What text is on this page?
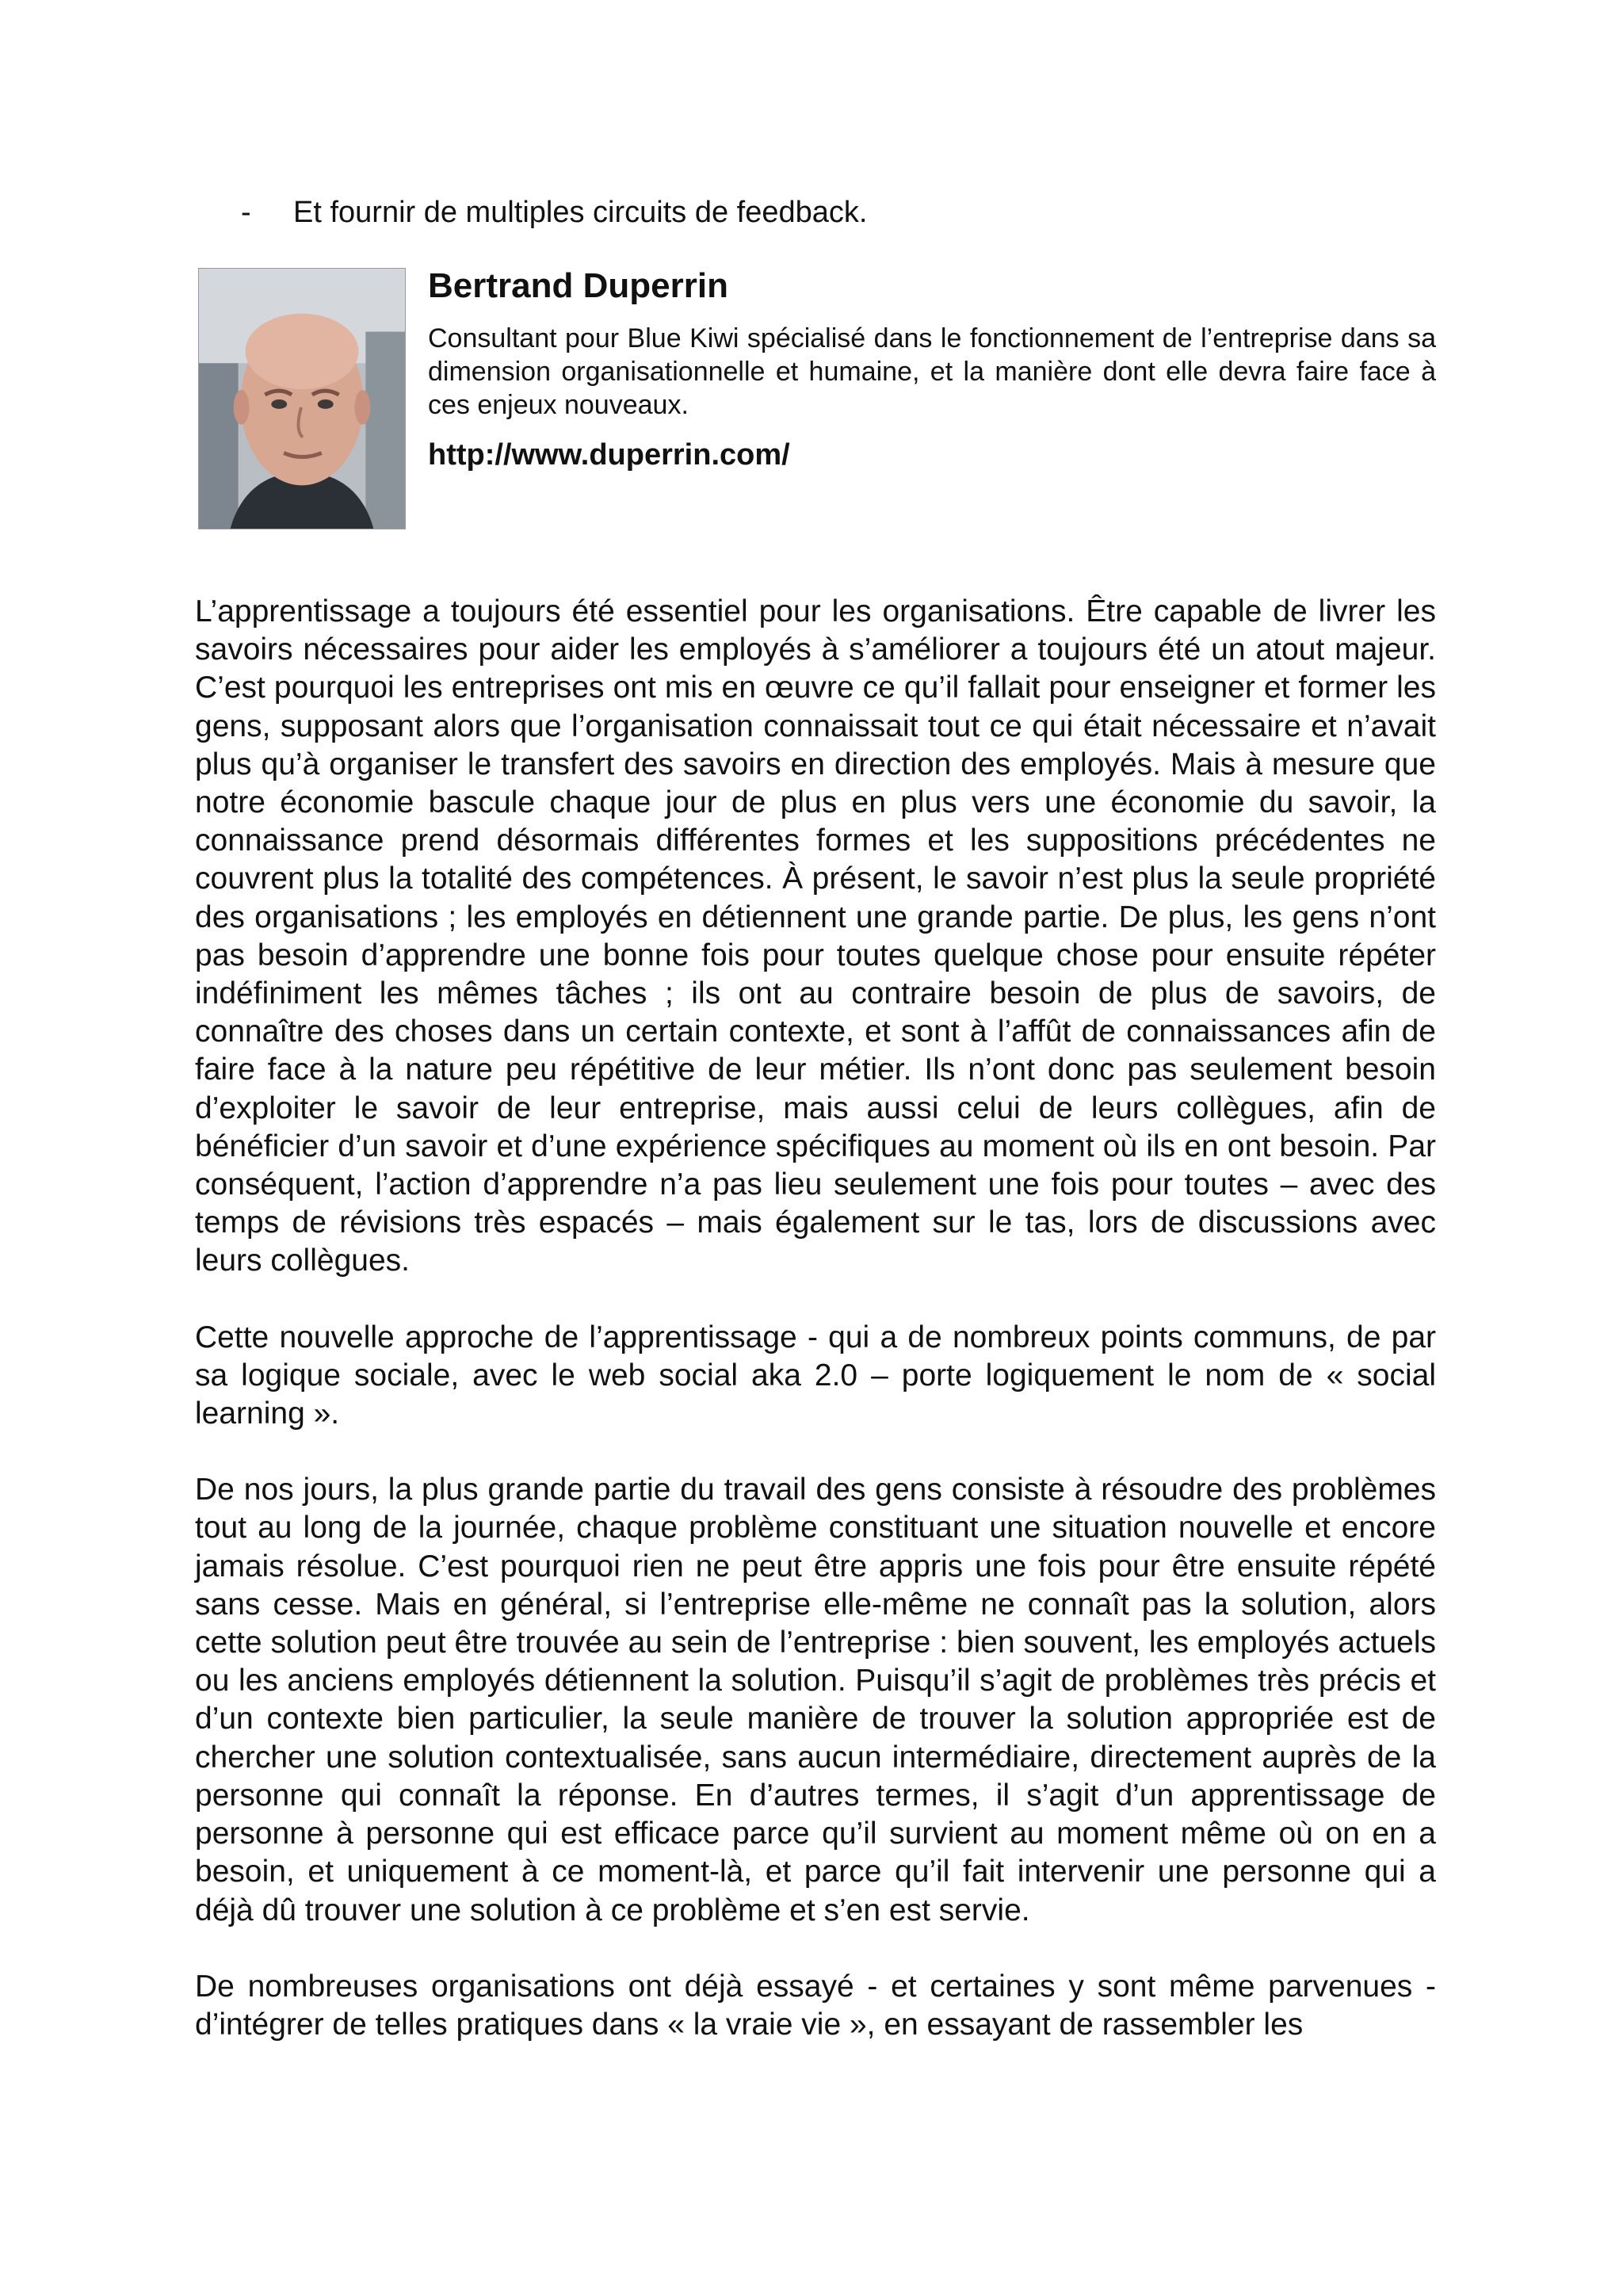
- Et fournir de multiples circuits de feedback.
Bertrand Duperrin
Consultant pour Blue Kiwi spécialisé dans le fonctionnement de l’entreprise dans sa dimension organisationnelle et humaine, et la manière dont elle devra faire face à ces enjeux nouveaux.
http://www.duperrin.com/

L’apprentissage a toujours été essentiel pour les organisations. Être capable de livrer les savoirs nécessaires pour aider les employés à s’améliorer a toujours été un atout majeur. C’est pourquoi les entreprises ont mis en œuvre ce qu’il fallait pour enseigner et former les gens, supposant alors que l’organisation connaissait tout ce qui était nécessaire et n’avait plus qu’à organiser le transfert des savoirs en direction des employés. Mais à mesure que notre économie bascule chaque jour de plus en plus vers une économie du savoir, la connaissance prend désormais différentes formes et les suppositions précédentes ne couvrent plus la totalité des compétences. À présent, le savoir n’est plus la seule propriété des organisations ; les employés en détiennent une grande partie. De plus, les gens n’ont pas besoin d’apprendre une bonne fois pour toutes quelque chose pour ensuite répéter indéfiniment les mêmes tâches ; ils ont au contraire besoin de plus de savoirs, de connaître des choses dans un certain contexte, et sont à l’affût de connaissances afin de faire face à la nature peu répétitive de leur métier. Ils n’ont donc pas seulement besoin d’exploiter le savoir de leur entreprise, mais aussi celui de leurs collègues, afin de bénéficier d’un savoir et d’une expérience spécifiques au moment où ils en ont besoin. Par conséquent, l’action d’apprendre n’a pas lieu seulement une fois pour toutes – avec des temps de révisions très espacés – mais également sur le tas, lors de discussions avec leurs collègues.

Cette nouvelle approche de l’apprentissage - qui a de nombreux points communs, de par sa logique sociale, avec le web social aka 2.0 – porte logiquement le nom de « social learning ».

De nos jours, la plus grande partie du travail des gens consiste à résoudre des problèmes tout au long de la journée, chaque problème constituant une situation nouvelle et encore jamais résolue. C’est pourquoi rien ne peut être appris une fois pour être ensuite répété sans cesse. Mais en général, si l’entreprise elle-même ne connaît pas la solution, alors cette solution peut être trouvée au sein de l’entreprise : bien souvent, les employés actuels ou les anciens employés détiennent la solution. Puisqu’il s’agit de problèmes très précis et d’un contexte bien particulier, la seule manière de trouver la solution appropriée est de chercher une solution contextualisée, sans aucun intermédiaire, directement auprès de la personne qui connaît la réponse. En d’autres termes, il s’agit d’un apprentissage de personne à personne qui est efficace parce qu’il survient au moment même où on en a besoin, et uniquement à ce moment-là, et parce qu’il fait intervenir une personne qui a déjà dû trouver une solution à ce problème et s’en est servie.

De nombreuses organisations ont déjà essayé - et certaines y sont même parvenues - d’intégrer de telles pratiques dans « la vraie vie », en essayant de rassembler les
